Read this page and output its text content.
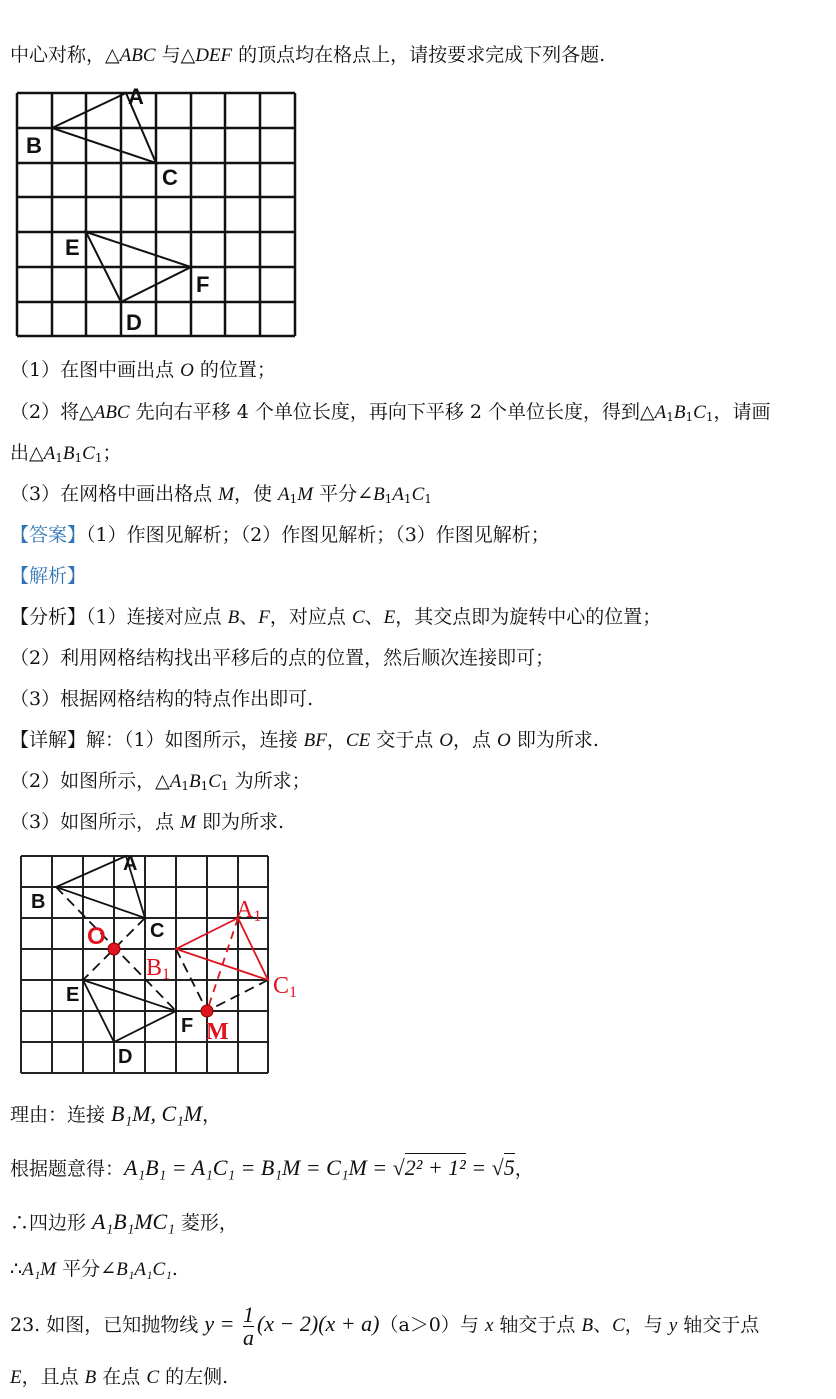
中心对称，△ABC 与△DEF 的顶点均在格点上，请按要求完成下列各题.
A
B
C
E
F
D
（1）在图中画出点 O 的位置；
（2）将△ABC 先向右平移 4 个单位长度，再向下平移 2 个单位长度，得到$\triangle A_1B_1C_1$，请画
出$\triangle A_1B_1C_1$；
（3）在网格中画出格点 M，使 $A_1M$ 平分$\angle B_1A_1C_1$
【答案】（1）作图见解析；（2）作图见解析；（3）作图见解析；
【解析】
【分析】（1）连接对应点 B、F，对应点 C、E，其交点即为旋转中心的位置；
（2）利用网格结构找出平移后的点的位置，然后顺次连接即可；
（3）根据网格结构的特点作出即可.
【详解】解：（1）如图所示，连接 BF，CE 交于点 O，点 O 即为所求.
（2）如图所示，$\triangle A_1B_1C_1$ 为所求；
（3）如图所示，点 M 即为所求.
A
B
C
E
F
D
O
A1
B1	C1
M
理由：连接 B₁M, C₁M，
根据题意得：A₁B₁ = A₁C₁ = B₁M = C₁M = √2² + 1² = √5，
∴四边形 A₁B₁MC₁ 菱形，
∴A₁M 平分∠B₁A₁C₁.
23. 如图，已知抛物线 $y = \frac{1}{a} (x - 2)(x + a)(a>0)$与 x 轴交于点 B、C，与 y 轴交于点
E，且点 B 在点 C 的左侧.
